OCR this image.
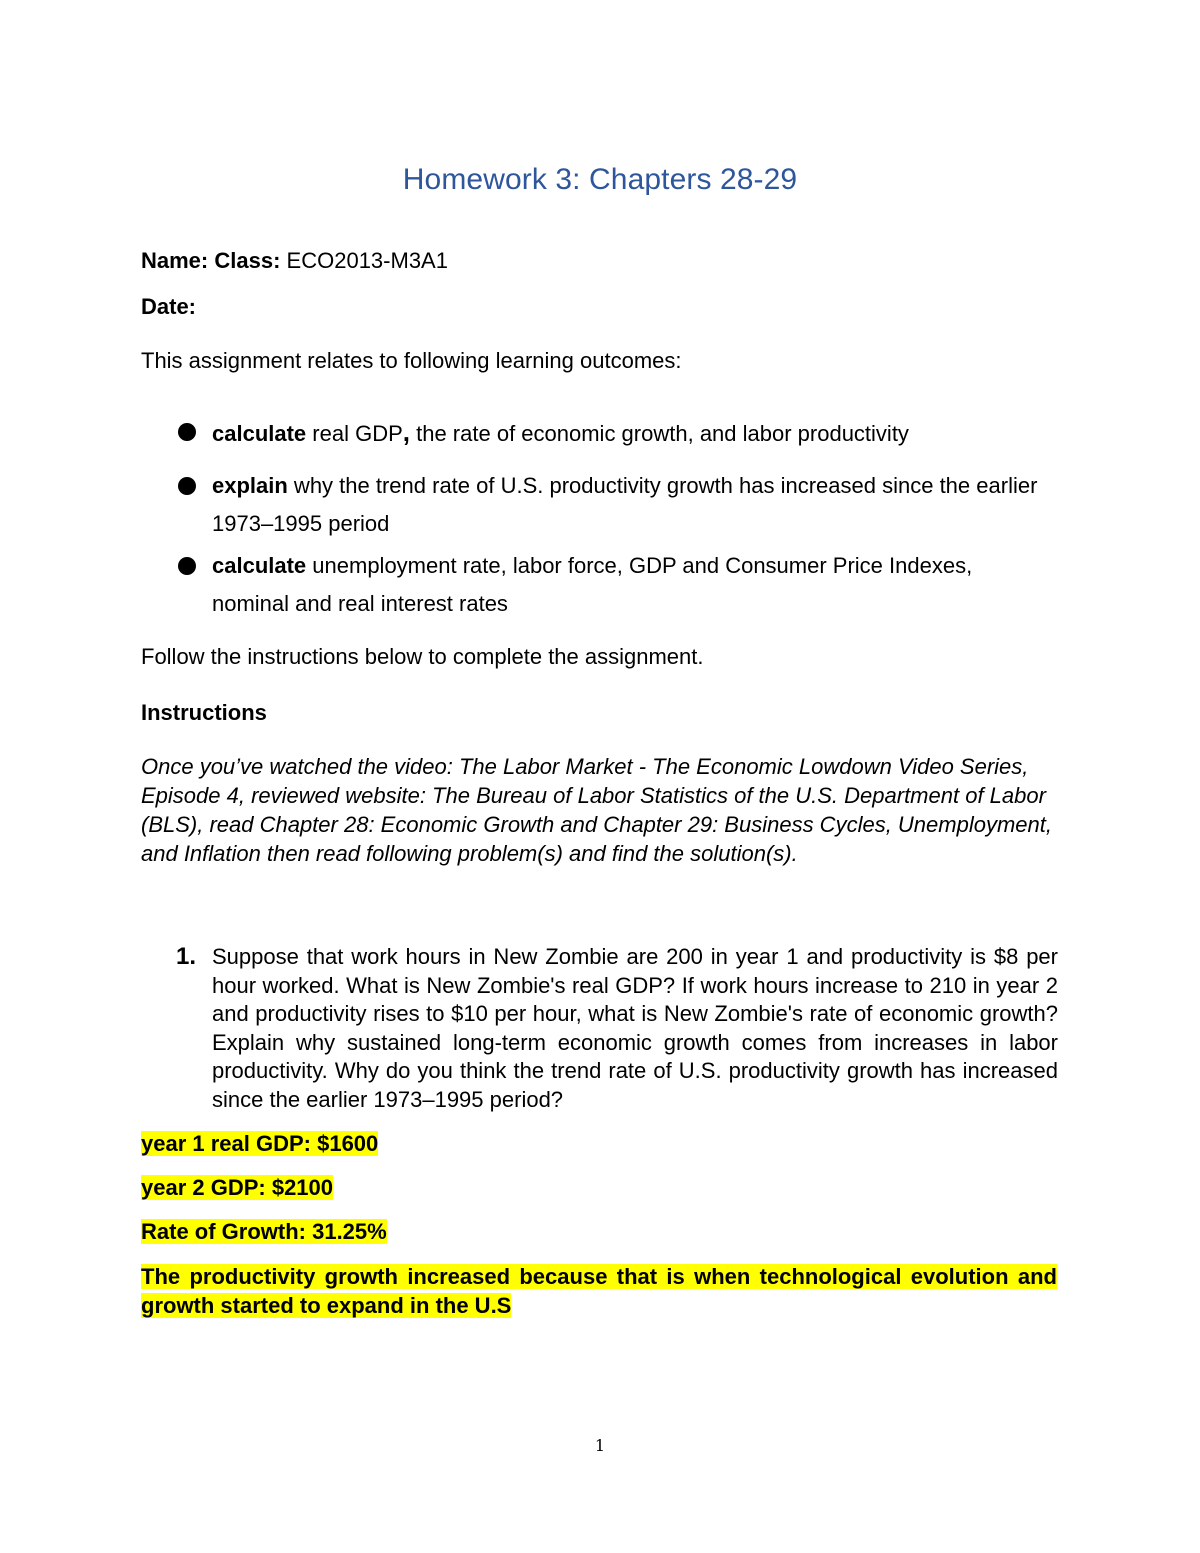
Homework 3: Chapters 28-29
Name: Class: ECO2013-M3A1
Date:
This assignment relates to following learning outcomes:
calculate real GDP, the rate of economic growth, and labor productivity
explain why the trend rate of U.S. productivity growth has increased since the earlier 1973–1995 period
calculate unemployment rate, labor force, GDP and Consumer Price Indexes, nominal and real interest rates
Follow the instructions below to complete the assignment.
Instructions
Once you’ve watched the video: The Labor Market - The Economic Lowdown Video Series, Episode 4, reviewed website: The Bureau of Labor Statistics of the U.S. Department of Labor (BLS), read Chapter 28: Economic Growth and Chapter 29: Business Cycles, Unemployment, and Inflation then read following problem(s) and find the solution(s).
1. Suppose that work hours in New Zombie are 200 in year 1 and productivity is $8 per hour worked. What is New Zombie's real GDP? If work hours increase to 210 in year 2 and productivity rises to $10 per hour, what is New Zombie's rate of economic growth? Explain why sustained long-term economic growth comes from increases in labor productivity. Why do you think the trend rate of U.S. productivity growth has increased since the earlier 1973–1995 period?
year 1 real GDP: $1600
year 2 GDP: $2100
Rate of Growth: 31.25%
The productivity growth increased because that is when technological evolution and growth started to expand in the U.S
1
